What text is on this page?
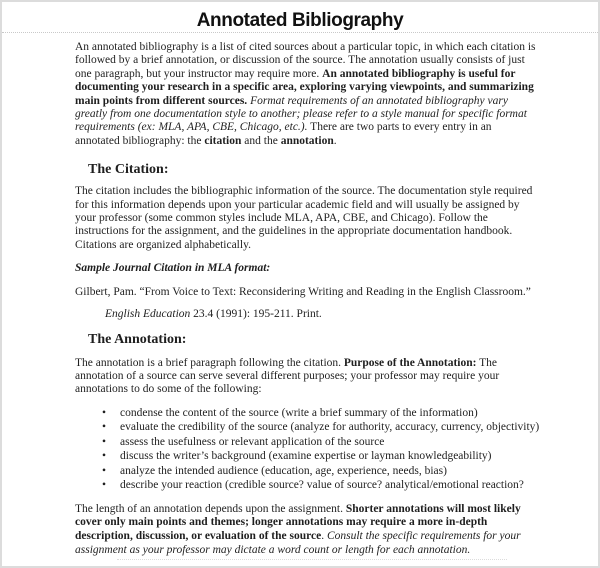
Annotated Bibliography

An annotated bibliography is a list of cited sources about a particular topic, in which each citation is followed by a brief annotation, or discussion of the source. The annotation usually consists of just one paragraph, but your instructor may require more. An annotated bibliography is useful for documenting your research in a specific area, exploring varying viewpoints, and summarizing main points from different sources. Format requirements of an annotated bibliography vary greatly from one documentation style to another; please refer to a style manual for specific format requirements (ex: MLA, APA, CBE, Chicago, etc.). There are two parts to every entry in an annotated bibliography: the citation and the annotation.

The Citation:

The citation includes the bibliographic information of the source. The documentation style required for this information depends upon your particular academic field and will usually be assigned by your professor (some common styles include MLA, APA, CBE, and Chicago). Follow the instructions for the assignment, and the guidelines in the appropriate documentation handbook. Citations are organized alphabetically.

Sample Journal Citation in MLA format:
Gilbert, Pam. “From Voice to Text: Reconsidering Writing and Reading in the English Classroom.”
English Education 23.4 (1991): 195-211. Print.
The Annotation:

The annotation is a brief paragraph following the citation. Purpose of the Annotation: The annotation of a source can serve several different purposes; your professor may require your annotations to do some of the following:

•	condense the content of the source (write a brief summary of the information)
•	evaluate the credibility of the source (analyze for authority, accuracy, currency, objectivity)
•	assess the usefulness or relevant application of the source
•	discuss the writer’s background (examine expertise or layman knowledgeability)
•	analyze the intended audience (education, age, experience, needs, bias)
•	describe your reaction (credible source? value of source? analytical/emotional reaction?

The length of an annotation depends upon the assignment. Shorter annotations will most likely cover only main points and themes; longer annotations may require a more in-depth description, discussion, or evaluation of the source. Consult the specific requirements for your assignment as your professor may dictate a word count or length for each annotation.
